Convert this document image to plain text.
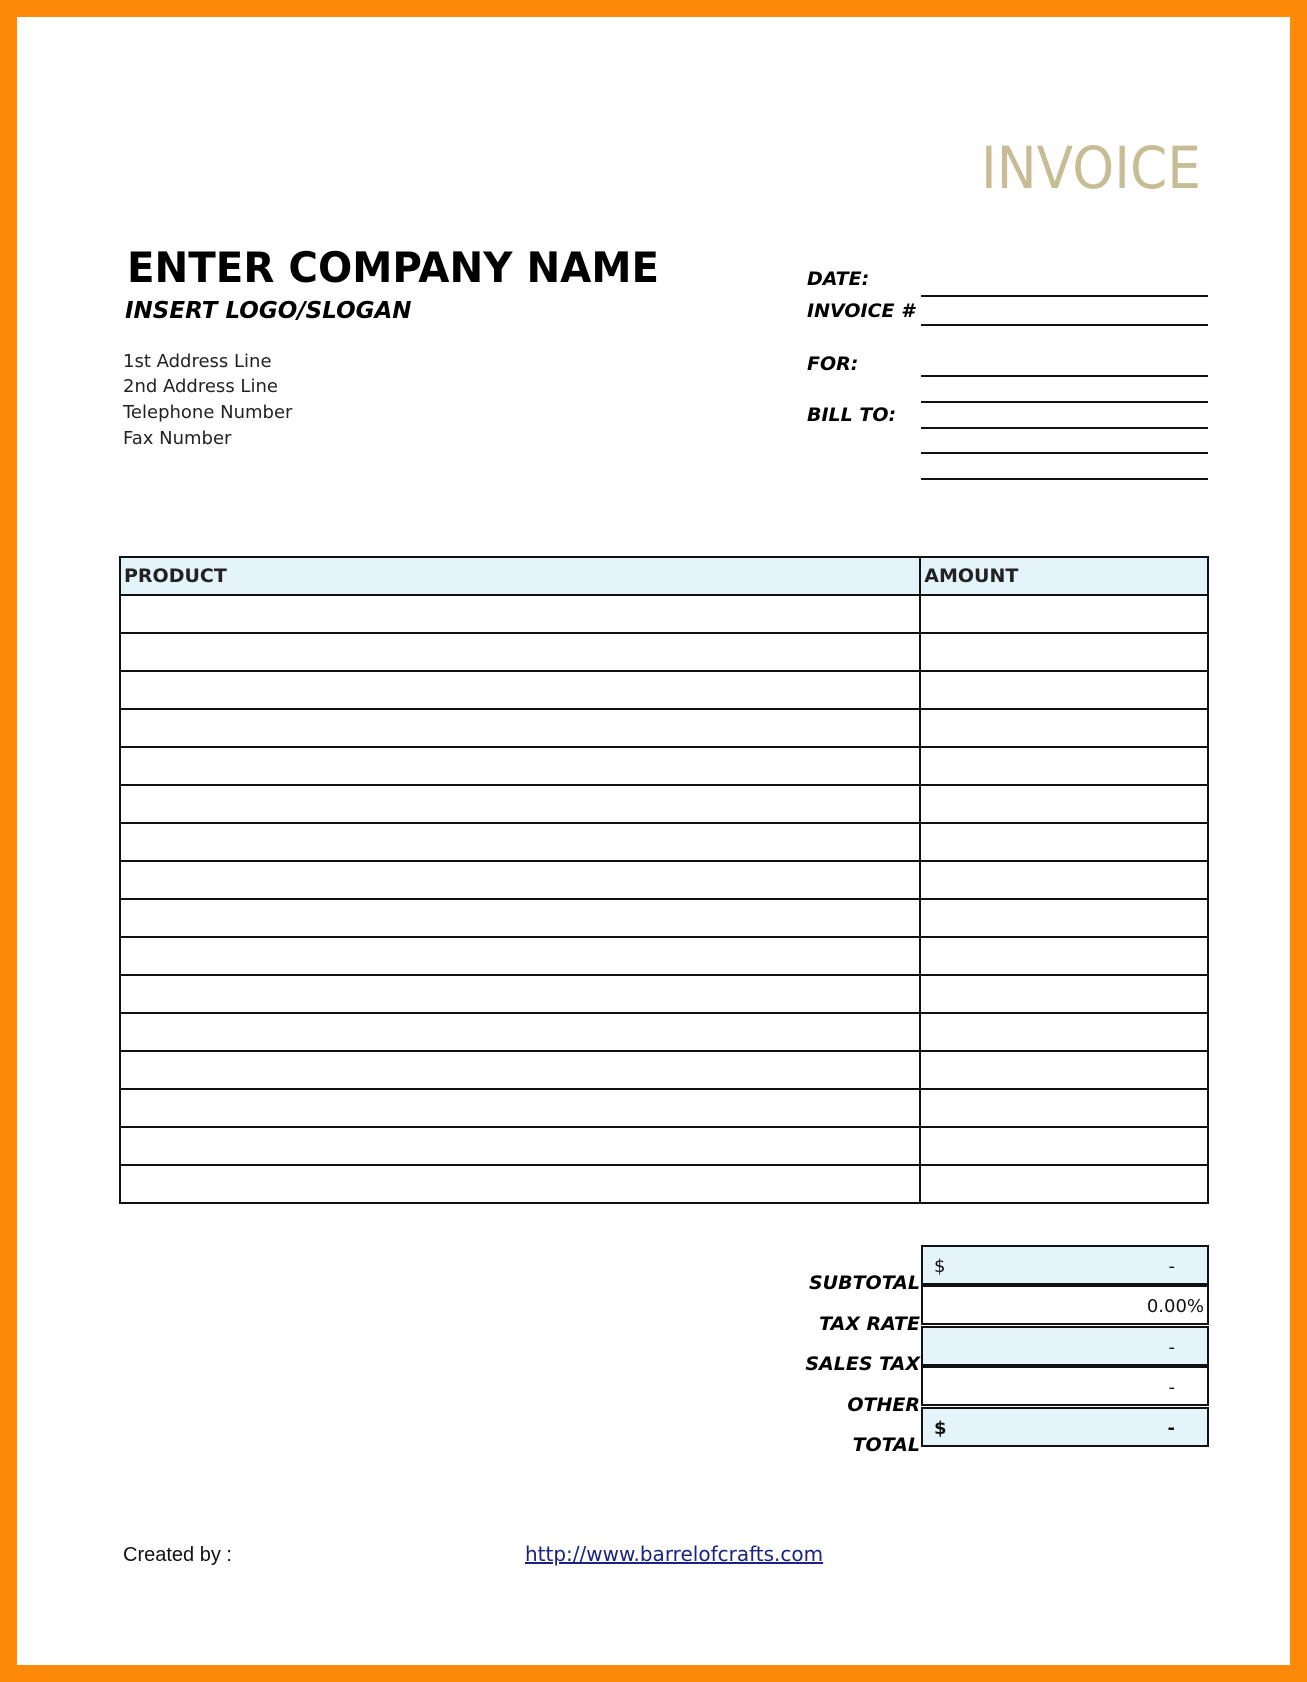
INVOICE
ENTER COMPANY NAME
INSERT LOGO/SLOGAN
1st Address Line
2nd Address Line
Telephone Number
Fax Number
DATE:
INVOICE #
FOR:
BILL TO:
PRODUCT	AMOUNT

SUBTOTAL
$	-
TAX RATE
0.00%
SALES TAX
-
OTHER
-
TOTAL
$	-
Created by :	http://www.barrelofcrafts.com
